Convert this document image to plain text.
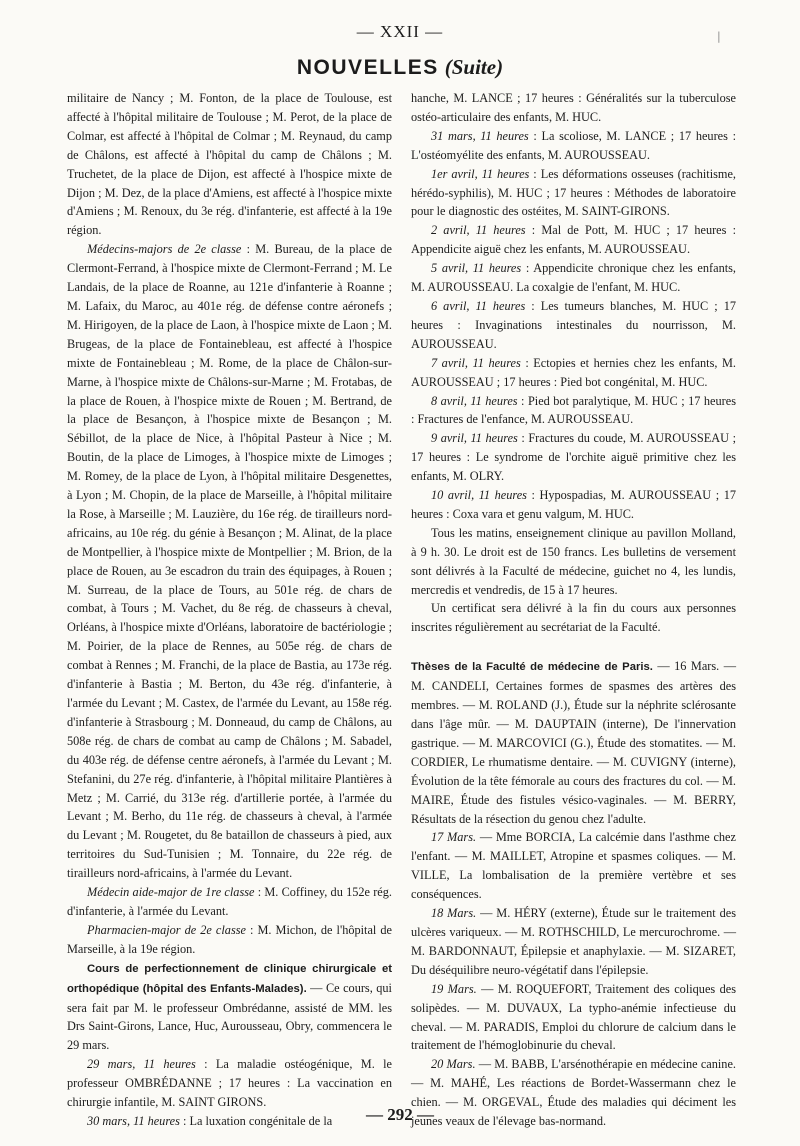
— XXII —
NOUVELLES (Suite)
|

militaire de Nancy ; M. Fonton, de la place de Toulouse, est affecté à l'hôpital militaire de Toulouse ; M. Perot, de la place de Colmar, est affecté à l'hôpital de Colmar ; M. Reynaud, du camp de Châlons, est affecté à l'hôpital du camp de Châlons ; M. Truchetet, de la place de Dijon, est affecté à l'hospice mixte de Dijon ; M. Dez, de la place d'Amiens, est affecté à l'hospice mixte d'Amiens ; M. Renoux, du 3e rég. d'infanterie, est affecté à la 19e région.

Médecins-majors de 2e classe : M. Bureau, de la place de Clermont-Ferrand, à l'hospice mixte de Clermont-Ferrand ; M. Le Landais, de la place de Roanne, au 121e d'infanterie à Roanne ; M. Lafaix, du Maroc, au 401e rég. de défense contre aéronefs ; M. Hirigoyen, de la place de Laon, à l'hospice mixte de Laon ; M. Brugeas, de la place de Fontainebleau, est affecté à l'hospice mixte de Fontainebleau ; M. Rome, de la place de Châlon-sur-Marne, à l'hospice mixte de Châlons-sur-Marne ; M. Frotabas, de la place de Rouen, à l'hospice mixte de Rouen ; M. Bertrand, de la place de Besançon, à l'hospice mixte de Besançon ; M. Sébillot, de la place de Nice, à l'hôpital Pasteur à Nice ; M. Boutin, de la place de Limoges, à l'hospice mixte de Limoges ; M. Romey, de la place de Lyon, à l'hôpital militaire Desgenettes, à Lyon ; M. Chopin, de la place de Marseille, à l'hôpital militaire la Rose, à Marseille ; M. Lauzière, du 16e rég. de tirailleurs nord-africains, au 10e rég. du génie à Besançon ; M. Alinat, de la place de Montpellier, à l'hospice mixte de Montpellier ; M. Brion, de la place de Rouen, au 3e escadron du train des équipages, à Rouen ; M. Surreau, de la place de Tours, au 501e rég. de chars de combat, à Tours ; M. Vachet, du 8e rég. de chasseurs à cheval, Orléans, à l'hospice mixte d'Orléans, laboratoire de bactériologie ; M. Poirier, de la place de Rennes, au 505e rég. de chars de combat à Rennes ; M. Franchi, de la place de Bastia, au 173e rég. d'infanterie à Bastia ; M. Berton, du 43e rég. d'infanterie, à l'armée du Levant ; M. Castex, de l'armée du Levant, au 158e rég. d'infanterie à Strasbourg ; M. Donneaud, du camp de Châlons, au 508e rég. de chars de combat au camp de Châlons ; M. Sabadel, du 403e rég. de défense centre aéronefs, à l'armée du Levant ; M. Stefanini, du 27e rég. d'infanterie, à l'hôpital militaire Plantières à Metz ; M. Carrié, du 313e rég. d'artillerie portée, à l'armée du Levant ; M. Berho, du 11e rég. de chasseurs à cheval, à l'armée du Levant ; M. Rougetet, du 8e bataillon de chasseurs à pied, aux territoires du Sud-Tunisien ; M. Tonnaire, du 22e rég. de tirailleurs nord-africains, à l'armée du Levant.

Médecin aide-major de 1re classe : M. Coffiney, du 152e rég. d'infanterie, à l'armée du Levant.

Pharmacien-major de 2e classe : M. Michon, de l'hôpital de Marseille, à la 19e région.

Cours de perfectionnement de clinique chirurgicale et orthopédique (hôpital des Enfants-Malades). — Ce cours, qui sera fait par M. le professeur Ombrédanne, assisté de MM. les Drs Saint-Girons, Lance, Huc, Aurousseau, Obry, commencera le 29 mars.

29 mars, 11 heures : La maladie ostéogénique, M. le professeur OMBRÉDANNE ; 17 heures : La vaccination en chirurgie infantile, M. SAINT GIRONS.

30 mars, 11 heures : La luxation congénitale de la

hanche, M. LANCE ; 17 heures : Généralités sur la tuberculose ostéo-articulaire des enfants, M. HUC.

31 mars, 11 heures : La scoliose, M. LANCE ; 17 heures : L'ostéomyélite des enfants, M. AUROUSSEAU.

1er avril, 11 heures : Les déformations osseuses (rachitisme, hérédo-syphilis), M. HUC ; 17 heures : Méthodes de laboratoire pour le diagnostic des ostéites, M. SAINT-GIRONS.

2 avril, 11 heures : Mal de Pott, M. HUC ; 17 heures : Appendicite aiguë chez les enfants, M. AUROUSSEAU.

5 avril, 11 heures : Appendicite chronique chez les enfants, M. AUROUSSEAU. La coxalgie de l'enfant, M. HUC.

6 avril, 11 heures : Les tumeurs blanches, M. HUC ; 17 heures : Invaginations intestinales du nourrisson, M. AUROUSSEAU.

7 avril, 11 heures : Ectopies et hernies chez les enfants, M. AUROUSSEAU ; 17 heures : Pied bot congénital, M. HUC.

8 avril, 11 heures : Pied bot paralytique, M. HUC ; 17 heures : Fractures de l'enfance, M. AUROUSSEAU.

9 avril, 11 heures : Fractures du coude, M. AUROUSSEAU ; 17 heures : Le syndrome de l'orchite aiguë primitive chez les enfants, M. OLRY.

10 avril, 11 heures : Hypospadias, M. AUROUSSEAU ; 17 heures : Coxa vara et genu valgum, M. HUC.

Tous les matins, enseignement clinique au pavillon Molland, à 9 h. 30. Le droit est de 150 francs. Les bulletins de versement sont délivrés à la Faculté de médecine, guichet no 4, les lundis, mercredis et vendredis, de 15 à 17 heures.

Un certificat sera délivré à la fin du cours aux personnes inscrites régulièrement au secrétariat de la Faculté.

Thèses de la Faculté de médecine de Paris. — 16 Mars. — M. CANDELI, Certaines formes de spasmes des artères des membres. — M. ROLAND (J.), Étude sur la néphrite sclérosante dans l'âge mûr. — M. DAUPTAIN (interne), De l'innervation gastrique. — M. MARCOVICI (G.), Étude des stomatites. — M. CORDIER, Le rhumatisme dentaire. — M. CUVIGNY (interne), Évolution de la tête fémorale au cours des fractures du col. — M. MAIRE, Étude des fistules vésico-vaginales. — M. BERRY, Résultats de la résection du genou chez l'adulte.

17 Mars. — Mme BORCIA, La calcémie dans l'asthme chez l'enfant. — M. MAILLET, Atropine et spasmes coliques. — M. VILLE, La lombalisation de la première vertèbre et ses conséquences.

18 Mars. — M. HÉRY (externe), Étude sur le traitement des ulcères variqueux. — M. ROTHSCHILD, Le mercurochrome. — M. BARDONNAUT, Épilepsie et anaphylaxie. — M. SIZARET, Du déséquilibre neuro-végétatif dans l'épilepsie.

19 Mars. — M. ROQUEFORT, Traitement des coliques des solipèdes. — M. DUVAUX, La typho-anémie infectieuse du cheval. — M. PARADIS, Emploi du chlorure de calcium dans le traitement de l'hémoglobinurie du cheval.

20 Mars. — M. BABB, L'arsénothérapie en médecine canine. — M. MAHÉ, Les réactions de Bordet-Wassermann chez le chien. — M. ORGEVAL, Étude des maladies qui déciment les jeunes veaux de l'élevage bas-normand.

— 292 —
